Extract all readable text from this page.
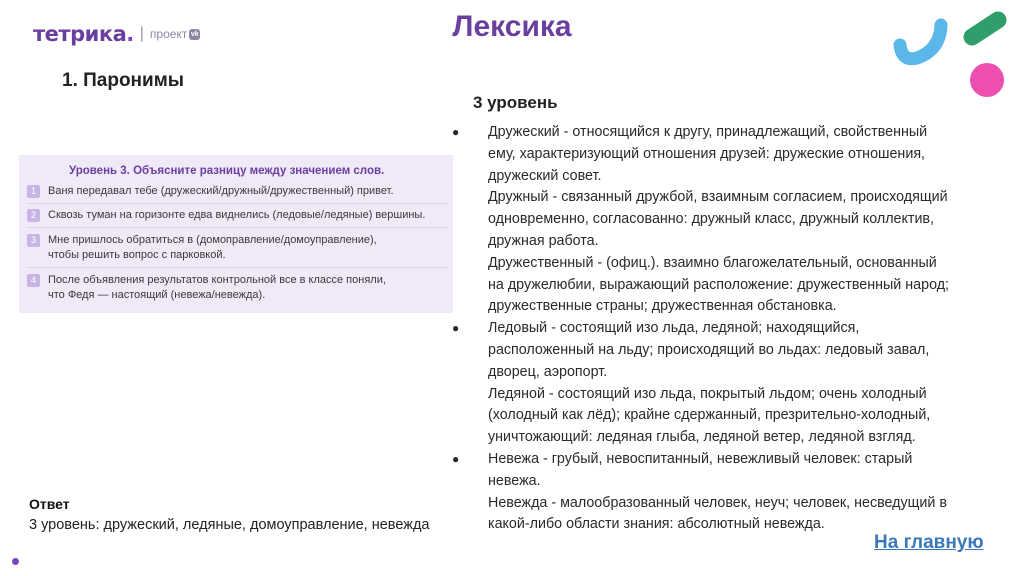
тетрика . | проект vk	Лексика
1. Паронимы
Уровень 3. Объясните разницу между значением слов.
1	Ваня передавал тебе (дружеский/дружный/дружественный) привет.
2	Сквозь туман на горизонте едва виднелись (ледовые/ледяные) вершины.
3	Мне пришлось обратиться в (домоправление/домоуправление),
чтобы решить вопрос с парковкой.
4	После объявления результатов контрольной все в классе поняли,
что Федя — настоящий (невежа/невежда).
3 уровень
● Дружеский - относящийся к другу, принадлежащий, свойственный
ему, характеризующий отношения друзей: дружеские отношения,
дружеский совет.
Дружный - связанный дружбой, взаимным согласием, происходящий
одновременно, согласованно: дружный класс, дружный коллектив,
дружная работа.
Дружественный - (офиц.). взаимно благожелательный, основанный
на дружелюбии, выражающий расположение: дружественный народ;
дружественные страны; дружественная обстановка.
● Ледовый - состоящий изо льда, ледяной; находящийся,
расположенный на льду; происходящий во льдах: ледовый завал,
дворец, аэропорт.
Ледяной - состоящий изо льда, покрытый льдом; очень холодный
(холодный как лёд); крайне сдержанный, презрительно-холодный,
уничтожающий: ледяная глыба, ледяной ветер, ледяной взгляд.
● Невежа - грубый, невоспитанный, невежливый человек: старый
невежа.
Невежда - малообразованный человек, неуч; человек, несведущий в
какой-либо области знания: абсолютный невежда.
Ответ
3 уровень: дружеский, ледяные, домоуправление, невежда
На главную
